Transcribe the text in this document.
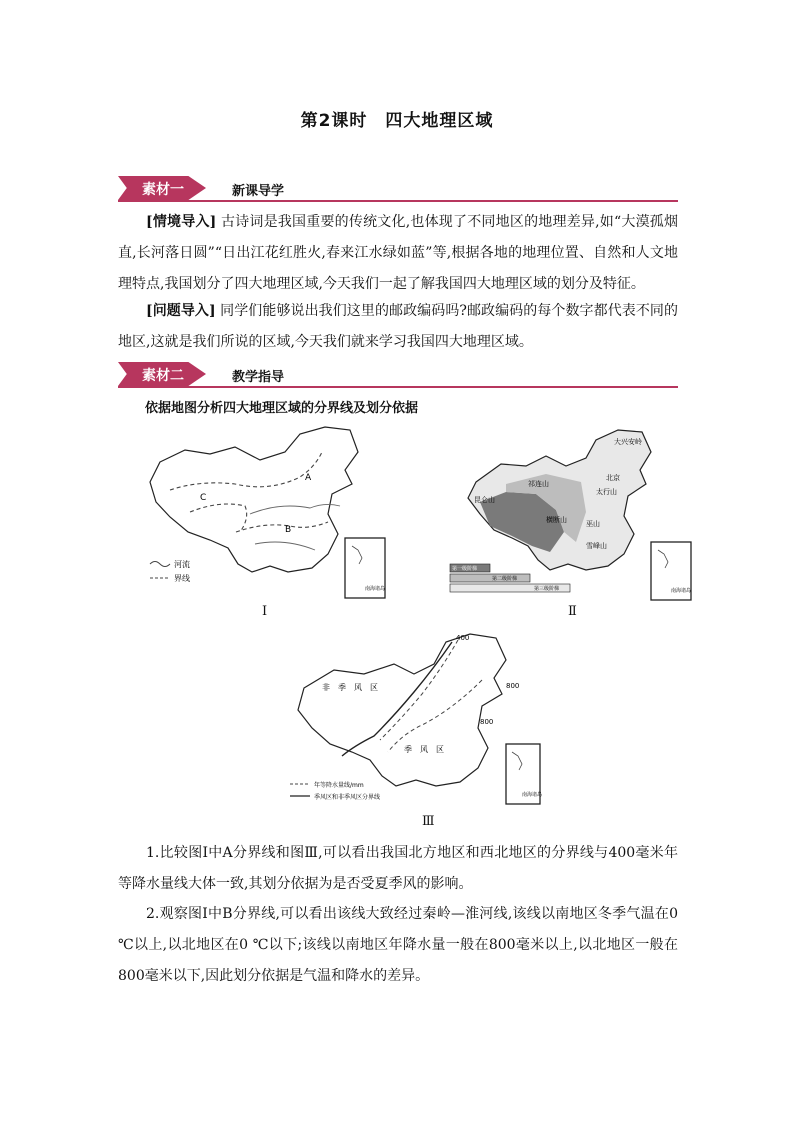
第2课时　四大地理区域
素材一	新课导学
[情境导入] 古诗词是我国重要的传统文化,也体现了不同地区的地理差异,如“大漠孤烟直,长河落日圆”“日出江花红胜火,春来江水绿如蓝”等,根据各地的地理位置、自然和人文地理特点,我国划分了四大地理区域,今天我们一起了解我国四大地理区域的划分及特征。
[问题导入] 同学们能够说出我们这里的邮政编码吗?邮政编码的每个数字都代表不同的地区,这就是我们所说的区域,今天我们就来学习我国四大地理区域。
素材二	教学指导
依据地图分析四大地理区域的分界线及划分依据
A
B
C
河流
界线
南海诸岛
Ⅰ
昆仑山
祁连山
横断山
大兴安岭
太行山
北京
巫山
雪峰山
第一级阶梯
第二级阶梯
第三级阶梯	南海诸岛
Ⅱ
400
800
800
非季风区
季风区
年等降水量线/mm
季风区和非季风区分界线	南海诸岛
Ⅲ
1.比较图Ⅰ中A分界线和图Ⅲ,可以看出我国北方地区和西北地区的分界线与400毫米年等降水量线大体一致,其划分依据为是否受夏季风的影响。
2.观察图Ⅰ中B分界线,可以看出该线大致经过秦岭—淮河线,该线以南地区冬季气温在0 ℃以上,以北地区在0 ℃以下;该线以南地区年降水量一般在800毫米以上,以北地区一般在800毫米以下,因此划分依据是气温和降水的差异。
